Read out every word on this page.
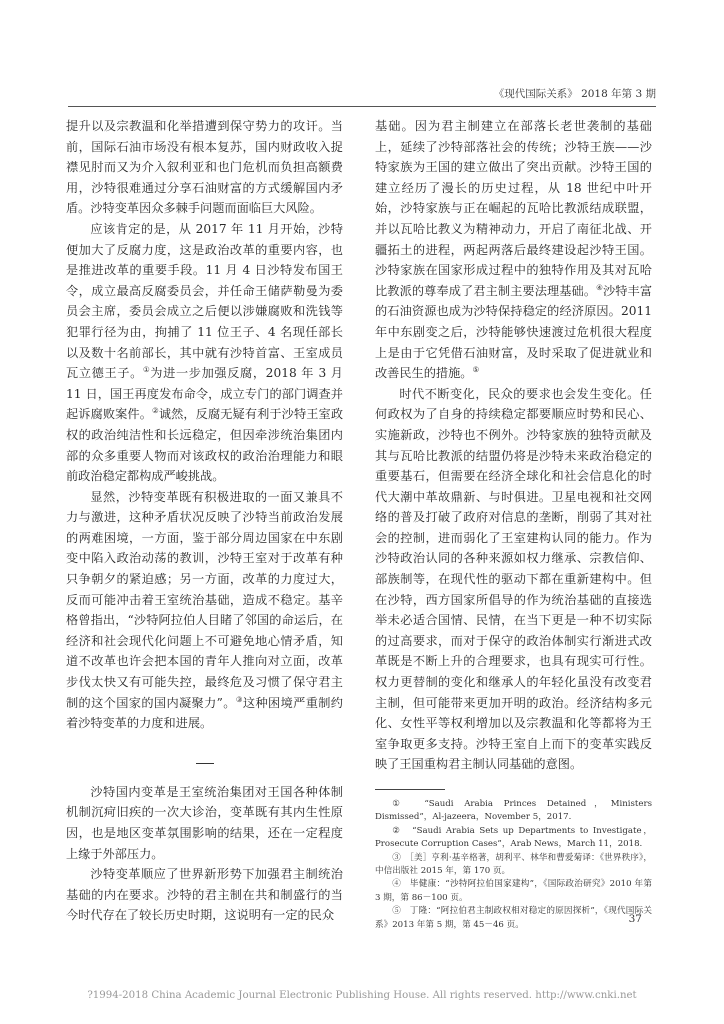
《现代国际关系》 2018 年第 3 期

提升以及宗教温和化举措遭到保守势力的攻讦。当前，国际石油市场没有根本复苏，国内财政收入捉襟见肘而又为介入叙利亚和也门危机而负担高额费用，沙特很难通过分享石油财富的方式缓解国内矛盾。沙特变革因众多棘手问题而面临巨大风险。

应该肯定的是，从 2017 年 11 月开始，沙特便加大了反腐力度，这是政治改革的重要内容，也是推进改革的重要手段。11 月 4 日沙特发布国王令，成立最高反腐委员会，并任命王储萨勒曼为委员会主席，委员会成立之后便以涉嫌腐败和洗钱等犯罪行径为由，拘捕了 11 位王子、4 名现任部长以及数十名前部长，其中就有沙特首富、王室成员瓦立德王子。①为进一步加强反腐，2018 年 3 月 11 日，国王再度发布命令，成立专门的部门调查并起诉腐败案件。②诚然，反腐无疑有利于沙特王室政权的政治纯洁性和长远稳定，但因牵涉统治集团内部的众多重要人物而对该政权的政治治理能力和眼前政治稳定都构成严峻挑战。

显然，沙特变革既有积极进取的一面又兼具不力与激进，这种矛盾状况反映了沙特当前政治发展的两难困境，一方面，鉴于部分周边国家在中东剧变中陷入政治动荡的教训，沙特王室对于改革有种只争朝夕的紧迫感；另一方面，改革的力度过大，反而可能冲击着王室统治基础，造成不稳定。基辛格曾指出，“沙特阿拉伯人目睹了邻国的命运后，在经济和社会现代化问题上不可避免地心情矛盾，知道不改革也许会把本国的青年人推向对立面，改革步伐太快又有可能失控，最终危及习惯了保守君主制的这个国家的国内凝聚力”。③这种困境严重制约着沙特变革的力度和进展。

沙特国内变革是王室统治集团对王国各种体制机制沉疴旧疾的一次大诊治，变革既有其内生性原因，也是地区变革氛围影响的结果，还在一定程度上缘于外部压力。

沙特变革顺应了世界新形势下加强君主制统治基础的内在要求。沙特的君主制在共和制盛行的当今时代存在了较长历史时期，这说明有一定的民众

基础。因为君主制建立在部落长老世袭制的基础上，延续了沙特部落社会的传统；沙特王族——沙特家族为王国的建立做出了突出贡献。沙特王国的建立经历了漫长的历史过程，从 18 世纪中叶开始，沙特家族与正在崛起的瓦哈比教派结成联盟，并以瓦哈比教义为精神动力，开启了南征北战、开疆拓土的进程，两起两落后最终建设起沙特王国。沙特家族在国家形成过程中的独特作用及其对瓦哈比教派的尊奉成了君主制主要法理基础。④沙特丰富的石油资源也成为沙特保持稳定的经济原因。2011 年中东剧变之后，沙特能够快速渡过危机很大程度上是由于它凭借石油财富，及时采取了促进就业和改善民生的措施。⑤

时代不断变化，民众的要求也会发生变化。任何政权为了自身的持续稳定都要顺应时势和民心、实施新政，沙特也不例外。沙特家族的独特贡献及其与瓦哈比教派的结盟仍将是沙特未来政治稳定的重要基石，但需要在经济全球化和社会信息化的时代大潮中革故鼎新、与时俱进。卫星电视和社交网络的普及打破了政府对信息的垄断，削弱了其对社会的控制，进而弱化了王室建构认同的能力。作为沙特政治认同的各种来源如权力继承、宗教信仰、部族制等，在现代性的驱动下都在重新建构中。但在沙特，西方国家所倡导的作为统治基础的直接选举未必适合国情、民情，在当下更是一种不切实际的过高要求，而对于保守的政治体制实行渐进式改革既是不断上升的合理要求，也具有现实可行性。权力更替制的变化和继承人的年轻化虽没有改变君主制，但可能带来更加开明的政治。经济结构多元化、女性平等权利增加以及宗教温和化等都将为王室争取更多支持。沙特王室自上而下的变革实践反映了王国重构君主制认同基础的意图。

①　“Saudi Arabia Princes Detained，Ministers Dismissed”，Al-jazeera，November 5，2017.

②　“Saudi Arabia Sets up Departments to Investigate，Prosecute Corruption Cases”，Arab News，March 11，2018.

③　［美］亨利·基辛格著，胡利平、林华和曹爱菊译：《世界秩序》，中信出版社 2015 年，第 170 页。

④　毕健康：“沙特阿拉伯国家建构”，《国际政治研究》2010 年第 3 期，第 86－100 页。

⑤　丁隆：“阿拉伯君主制政权相对稳定的原因探析”，《现代国际关系》2013 年第 5 期，第 45－46 页。	37
?1994-2018 China Academic Journal Electronic Publishing House. All rights reserved. http://www.cnki.net
